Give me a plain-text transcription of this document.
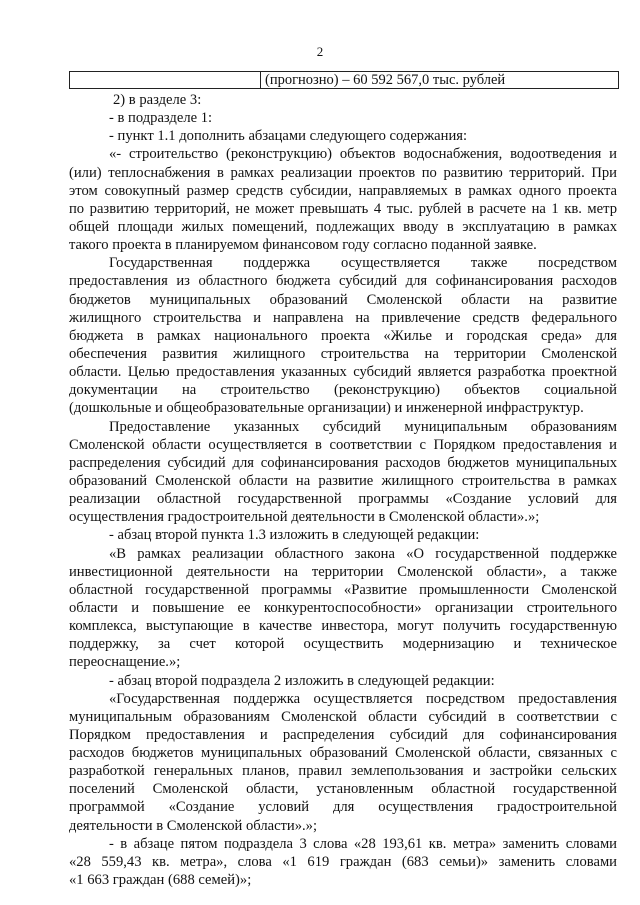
2
(прогнозно) – 60 592 567,0 тыс. рублей
2) в разделе 3:
- в подразделе 1:
- пункт 1.1 дополнить абзацами следующего содержания:
«- строительство (реконструкцию) объектов водоснабжения, водоотведения и
(или) теплоснабжения в рамках реализации проектов по развитию территорий. При
этом совокупный размер средств субсидии, направляемых в рамках одного проекта
по развитию территорий, не может превышать 4 тыс. рублей в расчете на 1 кв. метр
общей площади жилых помещений, подлежащих вводу в эксплуатацию в рамках
такого проекта в планируемом финансовом году согласно поданной заявке.
Государственная поддержка осуществляется также посредством
предоставления из областного бюджета субсидий для софинансирования расходов
бюджетов муниципальных образований Смоленской области на развитие
жилищного строительства и направлена на привлечение средств федерального
бюджета в рамках национального проекта «Жилье и городская среда» для
обеспечения развития жилищного строительства на территории Смоленской
области. Целью предоставления указанных субсидий является разработка проектной
документации на строительство (реконструкцию) объектов социальной
(дошкольные и общеобразовательные организации) и инженерной инфраструктур.
Предоставление указанных субсидий муниципальным образованиям
Смоленской области осуществляется в соответствии с Порядком предоставления и
распределения субсидий для софинансирования расходов бюджетов муниципальных
образований Смоленской области на развитие жилищного строительства в рамках
реализации областной государственной программы «Создание условий для
осуществления градостроительной деятельности в Смоленской области».»;
- абзац второй пункта 1.3 изложить в следующей редакции:
«В рамках реализации областного закона «О государственной поддержке
инвестиционной деятельности на территории Смоленской области», а также
областной государственной программы «Развитие промышленности Смоленской
области и повышение ее конкурентоспособности» организации строительного
комплекса, выступающие в качестве инвестора, могут получить государственную
поддержку, за счет которой осуществить модернизацию и техническое
переоснащение.»;
- абзац второй подраздела 2 изложить в следующей редакции:
«Государственная поддержка осуществляется посредством предоставления
муниципальным образованиям Смоленской области субсидий в соответствии с
Порядком предоставления и распределения субсидий для софинансирования
расходов бюджетов муниципальных образований Смоленской области, связанных с
разработкой генеральных планов, правил землепользования и застройки сельских
поселений Смоленской области, установленным областной государственной
программой «Создание условий для осуществления градостроительной
деятельности в Смоленской области».»;
- в абзаце пятом подраздела 3 слова «28 193,61 кв. метра» заменить словами
«28 559,43 кв. метра», слова «1 619 граждан (683 семьи)» заменить словами
«1 663 граждан (688 семей)»;
